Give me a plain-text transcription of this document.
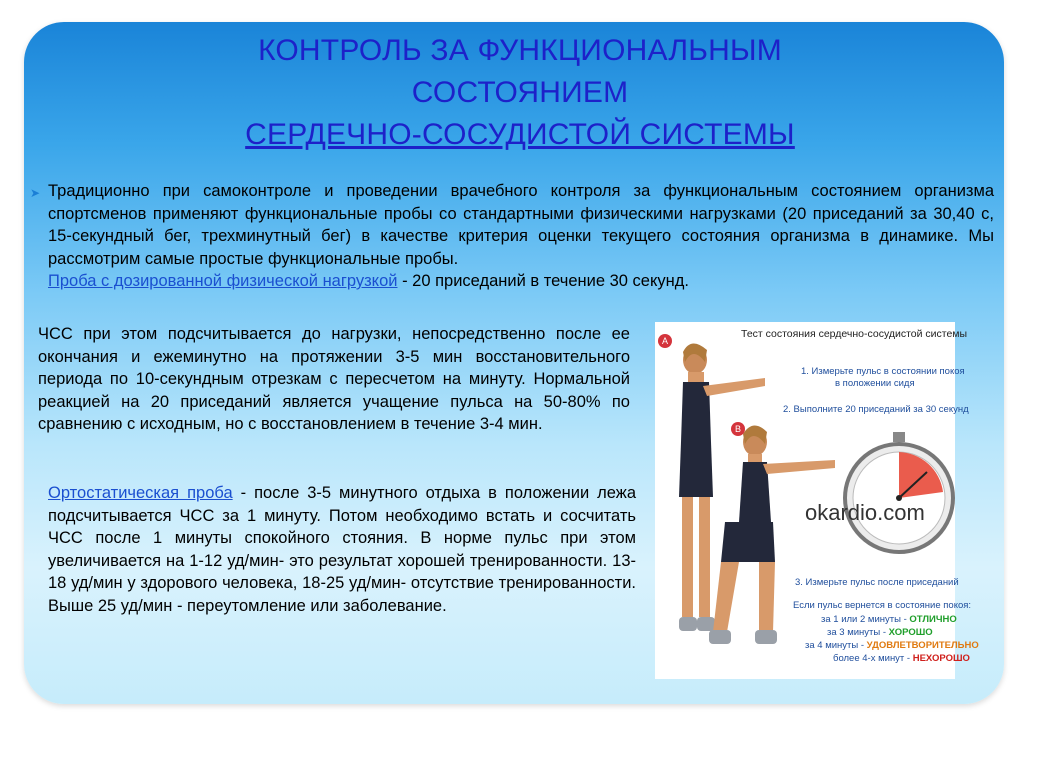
КОНТРОЛЬ ЗА ФУНКЦИОНАЛЬНЫМ
СОСТОЯНИЕМ
СЕРДЕЧНО-СОСУДИСТОЙ СИСТЕМЫ
➤ Традиционно при самоконтроле и проведении врачебного контроля за функциональным состоянием организма спортсменов применяют функциональные пробы со стандартными физическими нагрузками (20 приседаний за 30,40 с, 15-секундный бег, трехминутный бег) в качестве критерия оценки текущего состояния организма в динамике. Мы рассмотрим самые простые функциональные пробы.

Проба с дозированной физической нагрузкой - 20 приседаний в течение 30 секунд.

ЧСС при этом подсчитывается до нагрузки, непосредственно после ее окончания и ежеминутно на протяжении 3-5 мин восстановительного периода по 10-секундным отрезкам с пересчетом на минуту. Нормальной реакцией на 20 приседаний является учащение пульса на 50-80% по сравнению с исходным, но с восстановлением в течение 3-4 мин.

Ортостатическая проба - после 3-5 минутного отдыха в положении лежа подсчитывается ЧСС за 1 минуту. Потом необходимо встать и сосчитать ЧСС после 1 минуты спокойного стояния. В норме пульс при этом увеличивается на 1-12 уд/мин- это результат хорошей тренированности. 13-18 уд/мин у здорового человека, 18-25 уд/мин- отсутствие тренированности. Выше 25 уд/мин - переутомление или заболевание.

Тест состояния сердечно-сосудистой системы
A
B
1. Измерьте пульс в состоянии покоя
в положении сидя
2. Выполните 20 приседаний за 30 секунд
okardio.com
3. Измерьте пульс после приседаний
Если пульс вернется в состояние покоя:
за 1 или 2 минуты - ОТЛИЧНО
за 3 минуты - ХОРОШО
за 4 минуты - УДОВЛЕТВОРИТЕЛЬНО
более 4-х минут - НЕХОРОШО
